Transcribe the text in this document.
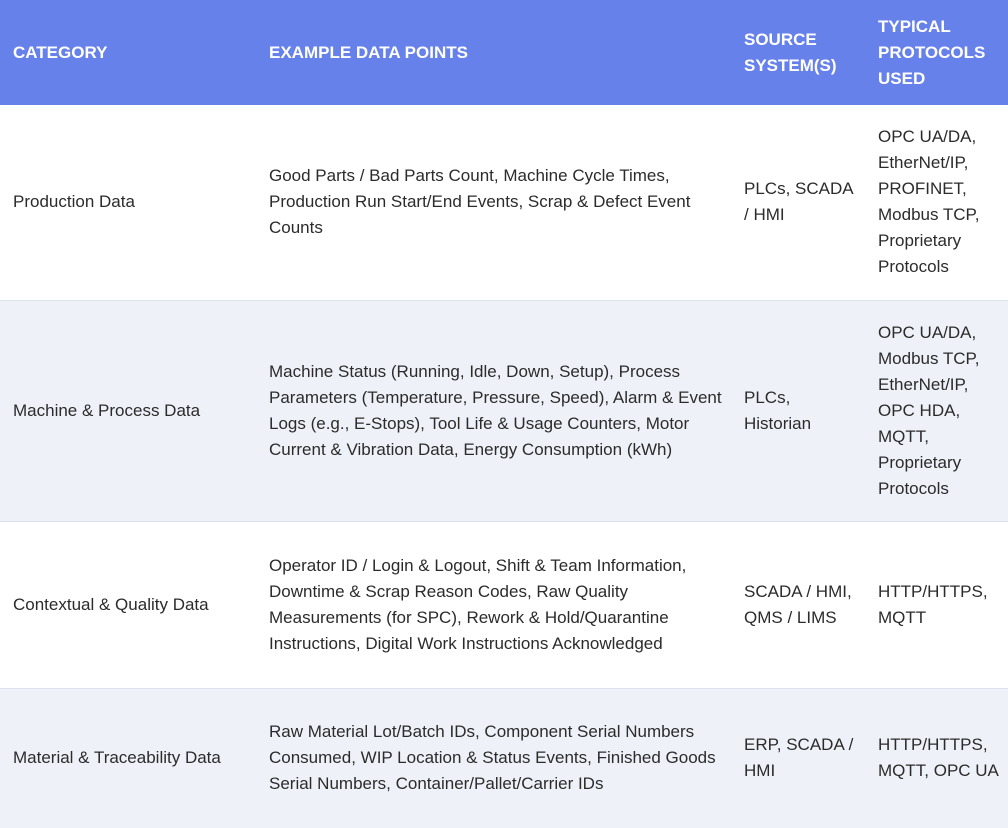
CATEGORY	EXAMPLE DATA POINTS	SOURCE SYSTEM(S)	TYPICAL PROTOCOLS USED
Production Data	Good Parts / Bad Parts Count, Machine Cycle Times, Production Run Start/End Events, Scrap & Defect Event Counts	PLCs, SCADA / HMI	OPC UA/DA, EtherNet/IP, PROFINET, Modbus TCP, Proprietary Protocols
Machine & Process Data	Machine Status (Running, Idle, Down, Setup), Process Parameters (Temperature, Pressure, Speed), Alarm & Event Logs (e.g., E-Stops), Tool Life & Usage Counters, Motor Current & Vibration Data, Energy Consumption (kWh)	PLCs, Historian	OPC UA/DA, Modbus TCP, EtherNet/IP, OPC HDA, MQTT, Proprietary Protocols
Contextual & Quality Data	Operator ID / Login & Logout, Shift & Team Information, Downtime & Scrap Reason Codes, Raw Quality Measurements (for SPC), Rework & Hold/Quarantine Instructions, Digital Work Instructions Acknowledged	SCADA / HMI, QMS / LIMS	HTTP/HTTPS, MQTT
Material & Traceability Data	Raw Material Lot/Batch IDs, Component Serial Numbers Consumed, WIP Location & Status Events, Finished Goods Serial Numbers, Container/Pallet/Carrier IDs	ERP, SCADA / HMI	HTTP/HTTPS, MQTT, OPC UA
